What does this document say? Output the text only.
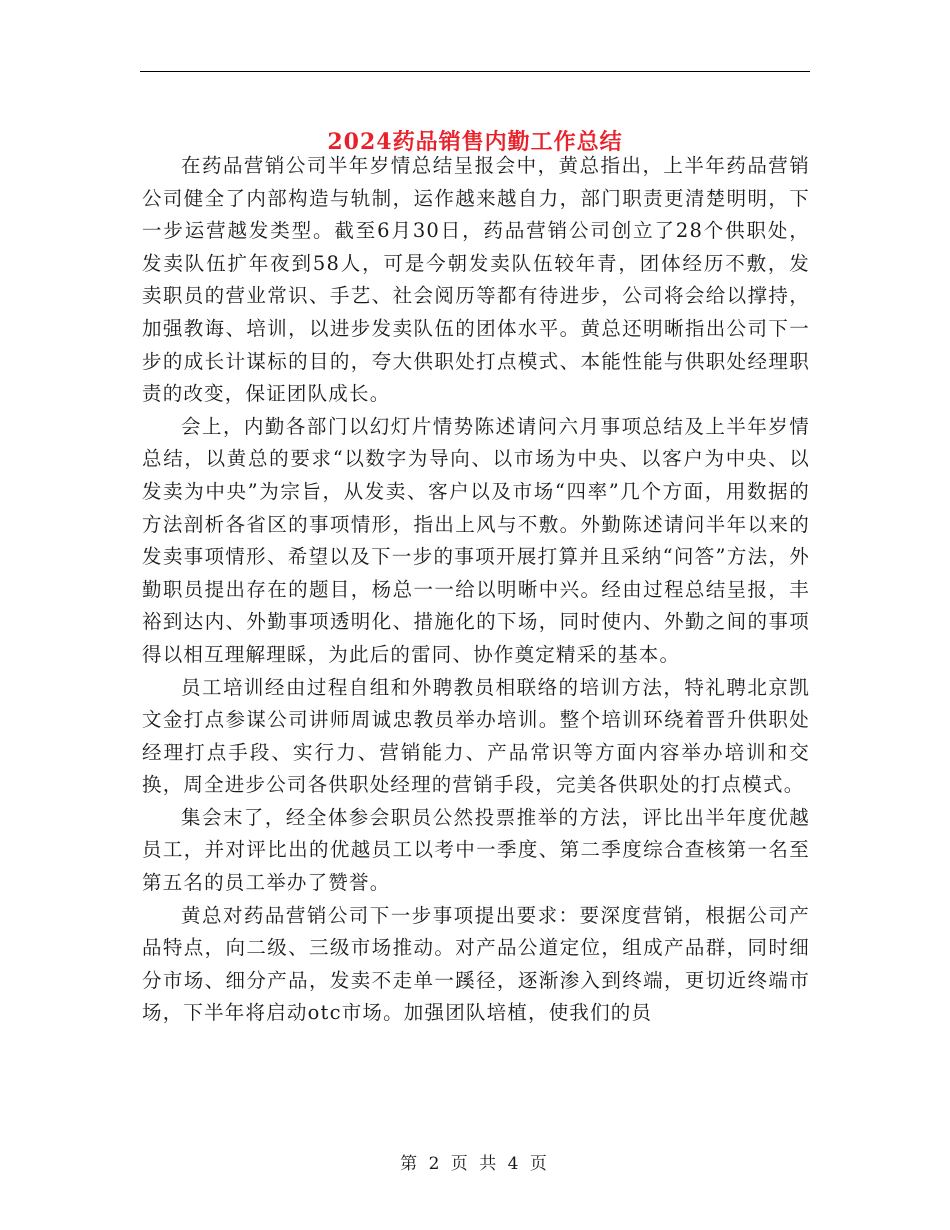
2024药品销售内勤工作总结

在药品营销公司半年岁情总结呈报会中，黄总指出，上半年药品营销公司健全了内部构造与轨制，运作越来越自力，部门职责更清楚明明，下一步运营越发类型。截至6月30日，药品营销公司创立了28个供职处，发卖队伍扩年夜到58人，可是今朝发卖队伍较年青，团体经历不敷，发卖职员的营业常识、手艺、社会阅历等都有待进步，公司将会给以撑持，加强教诲、培训，以进步发卖队伍的团体水平。黄总还明晰指出公司下一步的成长计谋标的目的，夸大供职处打点模式、本能性能与供职处经理职责的改变，保证团队成长。

会上，内勤各部门以幻灯片情势陈述请问六月事项总结及上半年岁情总结，以黄总的要求“以数字为导向、以市场为中央、以客户为中央、以发卖为中央”为宗旨，从发卖、客户以及市场“四率”几个方面，用数据的方法剖析各省区的事项情形，指出上风与不敷。外勤陈述请问半年以来的发卖事项情形、希望以及下一步的事项开展打算并且采纳“问答”方法，外勤职员提出存在的题目，杨总一一给以明晰中兴。经由过程总结呈报，丰裕到达内、外勤事项透明化、措施化的下场，同时使内、外勤之间的事项得以相互理解理睬，为此后的雷同、协作奠定精采的基本。

员工培训经由过程自组和外聘教员相联络的培训方法，特礼聘北京凯文金打点参谋公司讲师周诚忠教员举办培训。整个培训环绕着晋升供职处经理打点手段、实行力、营销能力、产品常识等方面内容举办培训和交换，周全进步公司各供职处经理的营销手段，完美各供职处的打点模式。

集会末了，经全体参会职员公然投票推举的方法，评比出半年度优越员工，并对评比出的优越员工以考中一季度、第二季度综合查核第一名至第五名的员工举办了赞誉。

黄总对药品营销公司下一步事项提出要求：要深度营销，根据公司产品特点，向二级、三级市场推动。对产品公道定位，组成产品群，同时细分市场、细分产品，发卖不走单一蹊径，逐渐渗入到终端，更切近终端市场，下半年将启动otc市场。加强团队培植，使我们的员

第 2 页 共 4 页
